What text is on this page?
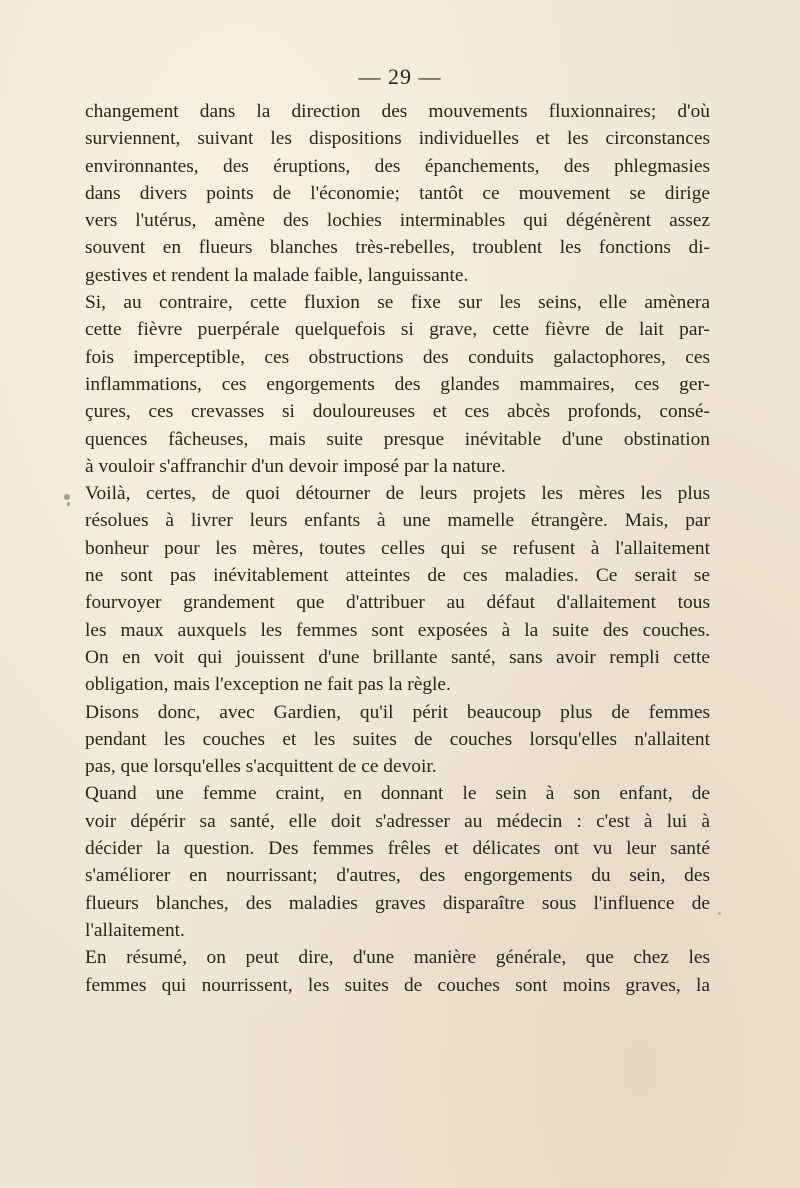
— 29 —
changement dans la direction des mouvements fluxionnaires; d'où
surviennent, suivant les dispositions individuelles et les circonstances
environnantes, des éruptions, des épanchements, des phlegmasies
dans divers points de l'économie; tantôt ce mouvement se dirige
vers l'utérus, amène des lochies interminables qui dégénèrent assez
souvent en flueurs blanches très-rebelles, troublent les fonctions di-
gestives et rendent la malade faible, languissante.
Si, au contraire, cette fluxion se fixe sur les seins, elle amènera
cette fièvre puerpérale quelquefois si grave, cette fièvre de lait par-
fois imperceptible, ces obstructions des conduits galactophores, ces
inflammations, ces engorgements des glandes mammaires, ces ger-
çures, ces crevasses si douloureuses et ces abcès profonds, consé-
quences fâcheuses, mais suite presque inévitable d'une obstination
à vouloir s'affranchir d'un devoir imposé par la nature.
Voilà, certes, de quoi détourner de leurs projets les mères les plus
résolues à livrer leurs enfants à une mamelle étrangère. Mais, par
bonheur pour les mères, toutes celles qui se refusent à l'allaitement
ne sont pas inévitablement atteintes de ces maladies. Ce serait se
fourvoyer grandement que d'attribuer au défaut d'allaitement tous
les maux auxquels les femmes sont exposées à la suite des couches.
On en voit qui jouissent d'une brillante santé, sans avoir rempli cette
obligation, mais l'exception ne fait pas la règle.
Disons donc, avec Gardien, qu'il périt beaucoup plus de femmes
pendant les couches et les suites de couches lorsqu'elles n'allaitent
pas, que lorsqu'elles s'acquittent de ce devoir.
Quand une femme craint, en donnant le sein à son enfant, de
voir dépérir sa santé, elle doit s'adresser au médecin : c'est à lui à
décider la question. Des femmes frêles et délicates ont vu leur santé
s'améliorer en nourrissant; d'autres, des engorgements du sein, des
flueurs blanches, des maladies graves disparaître sous l'influence de
l'allaitement.
En résumé, on peut dire, d'une manière générale, que chez les
femmes qui nourrissent, les suites de couches sont moins graves, la
